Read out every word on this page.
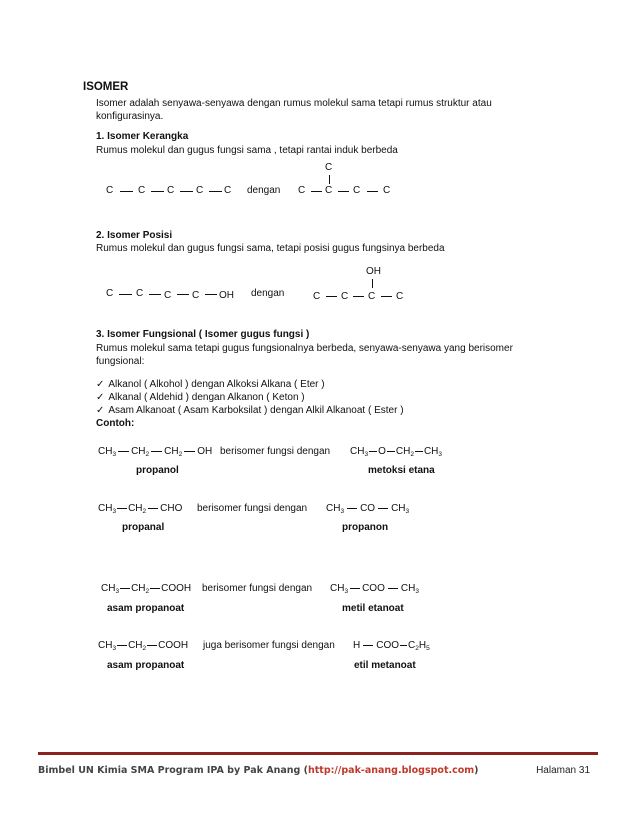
ISOMER
Isomer adalah senyawa-senyawa dengan rumus molekul sama tetapi rumus struktur atau
konfigurasinya.
1. Isomer Kerangka
Rumus molekul dan gugus fungsi sama , tetapi rantai induk berbeda
C C C C C dengan
C
C C C C
2. Isomer Posisi
Rumus molekul dan gugus fungsi sama, tetapi posisi gugus fungsinya berbeda
C C C C OH dengan
OH
C C C C
3. Isomer Fungsional ( Isomer gugus fungsi )
Rumus molekul sama tetapi gugus fungsionalnya berbeda, senyawa-senyawa yang berisomer
fungsional:
✓ Alkanol ( Alkohol ) dengan Alkoksi Alkana ( Eter )
✓ Alkanal ( Aldehid ) dengan Alkanon ( Keton )
✓ Asam Alkanoat ( Asam Karboksilat ) dengan Alkil Alkanoat ( Ester )
Contoh:
$CH_3$ $CH_2$ $CH_2$ OH berisomer fungsi dengan $CH_3$ O $CH_2$ $CH_3$
propanol	metoksi etana
$CH_3$ $CH_2$ CHO berisomer fungsi dengan $CH_3$ CO $CH_3$
propanal	propanon
$CH_3$ $CH_2$ COOH berisomer fungsi dengan $CH_3$ COO $CH_3$
asam propanoat	metil etanoat
$CH_3$ $CH_2$ COOH juga berisomer fungsi dengan H COO $C_2H_5$
asam propanoat	etil metanoat
Bimbel UN Kimia SMA Program IPA by Pak Anang (http://pak-anang.blogspot.com)	Halaman 31
